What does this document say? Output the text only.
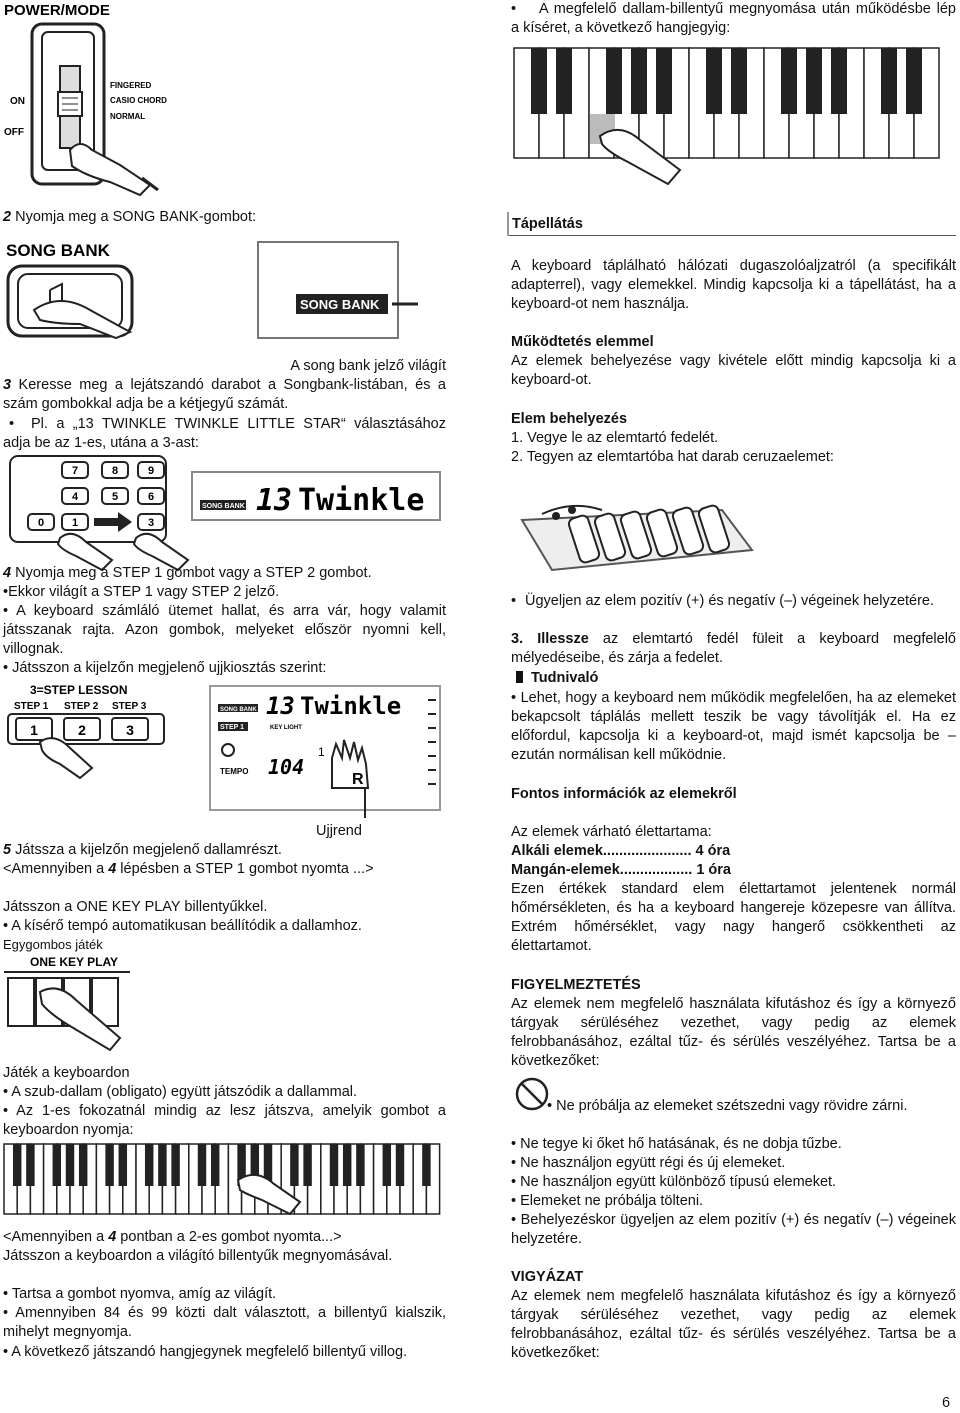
POWER/MODE
ON
OFF
FINGERED
CASIO CHORD
NORMAL
2 Nyomja meg a SONG BANK-gombot:
SONG BANK
SONG BANK
A song bank jelző világít
3 Keresse meg a lejátszandó darabot a Songbank-listában, és a szám gombokkal adja be a kétjegyű számát.
• Pl. a „13 TWINKLE TWINKLE LITTLE STAR“ választásához adja be az 1-es, utána a 3-ast:
7	8	9
4	5	6
0	1	3
SONG BANK 13 Twinkle
4 Nyomja meg a STEP 1 gombot vagy a STEP 2 gombot.
•Ekkor világít a STEP 1 vagy STEP 2 jelző.
• A keyboard számláló ütemet hallat, és arra vár, hogy valamit játsszanak rajta. Azon gombok, melyeket először nyomni kell, villognak.
• Játsszon a kijelzőn megjelenő ujjkiosztás szerint:
3=STEP LESSON
STEP 1 STEP 2 STEP 3
1	2	3
SONG BANK 13 Twinkle
STEP 1	KEY LIGHT
TEMPO 104
1
R
Ujjrend
5 Játssza a kijelzőn megjelenő dallamrészt.
<Amennyiben a 4 lépésben a STEP 1 gombot nyomta ...>
Játsszon a ONE KEY PLAY billentyűkkel.
• A kísérő tempó automatikusan beállítódik a dallamhoz.
Egygombos játék
ONE KEY PLAY
Játék a keyboardon
• A szub-dallam (obligato) együtt játszódik a dallammal.
• Az 1-es fokozatnál mindig az lesz játszva, amelyik gombot a keyboardon nyomja:
<Amennyiben a 4 pontban a 2-es gombot nyomta...>
Játsszon a keyboardon a világító billentyűk megnyomásával.
• Tartsa a gombot nyomva, amíg az világít.
• Amennyiben 84 és 99 közti dalt választott, a billentyű kialszik, mihelyt megnyomja.
• A következő játszandó hangjegynek megfelelő billentyű villog.
• A megfelelő dallam-billentyű megnyomása után működésbe lép a kíséret, a következő hangjegyig:
Tápellátás
A keyboard táplálható hálózati dugaszolóaljzatról (a specifikált adapterrel), vagy elemekkel. Mindig kapcsolja ki a tápellátást, ha a keyboard-ot nem használja.
Működtetés elemmel
Az elemek behelyezése vagy kivétele előtt mindig kapcsolja ki a keyboard-ot.
Elem behelyezés
1. Vegye le az elemtartó fedelét.
2. Tegyen az elemtartóba hat darab ceruzaelemet:
• Ügyeljen az elem pozitív (+) és negatív (–) végeinek helyzetére.
3. Illessze az elemtartó fedél füleit a keyboard megfelelő mélyedéseibe, és zárja a fedelet.
Tudnivaló
• Lehet, hogy a keyboard nem működik megfelelően, ha az elemeket bekapcsolt táplálás mellett teszik be vagy távolítják el. Ha ez előfordul, kapcsolja ki a keyboard-ot, majd ismét kapcsolja be – ezután normálisan kell működnie.
Fontos információk az elemekről
Az elemek várható élettartama:
Alkáli elemek...................... 4 óra
Mangán-elemek.................. 1 óra
Ezen értékek standard elem élettartamot jelentenek normál hőmérsékleten, és ha a keyboard hangereje közepesre van állítva. Extrém hőmérséklet, vagy nagy hangerő csökkentheti az élettartamot.
FIGYELMEZTETÉS
Az elemek nem megfelelő használata kifutáshoz és így a környező tárgyak sérüléséhez vezethet, vagy pedig az elemek felrobbanásához, ezáltal tűz- és sérülés veszélyéhez. Tartsa be a következőket:
• Ne próbálja az elemeket szétszedni vagy rövidre zárni.
• Ne tegye ki őket hő hatásának, és ne dobja tűzbe.
• Ne használjon együtt régi és új elemeket.
• Ne használjon együtt különböző típusú elemeket.
• Elemeket ne próbálja tölteni.
• Behelyezéskor ügyeljen az elem pozitív (+) és negatív (–) végeinek helyzetére.
VIGYÁZAT
Az elemek nem megfelelő használata kifutáshoz és így a környező tárgyak sérüléséhez vezethet, vagy pedig az elemek felrobbanásához, ezáltal tűz- és sérülés veszélyéhez. Tartsa be a következőket:
6
